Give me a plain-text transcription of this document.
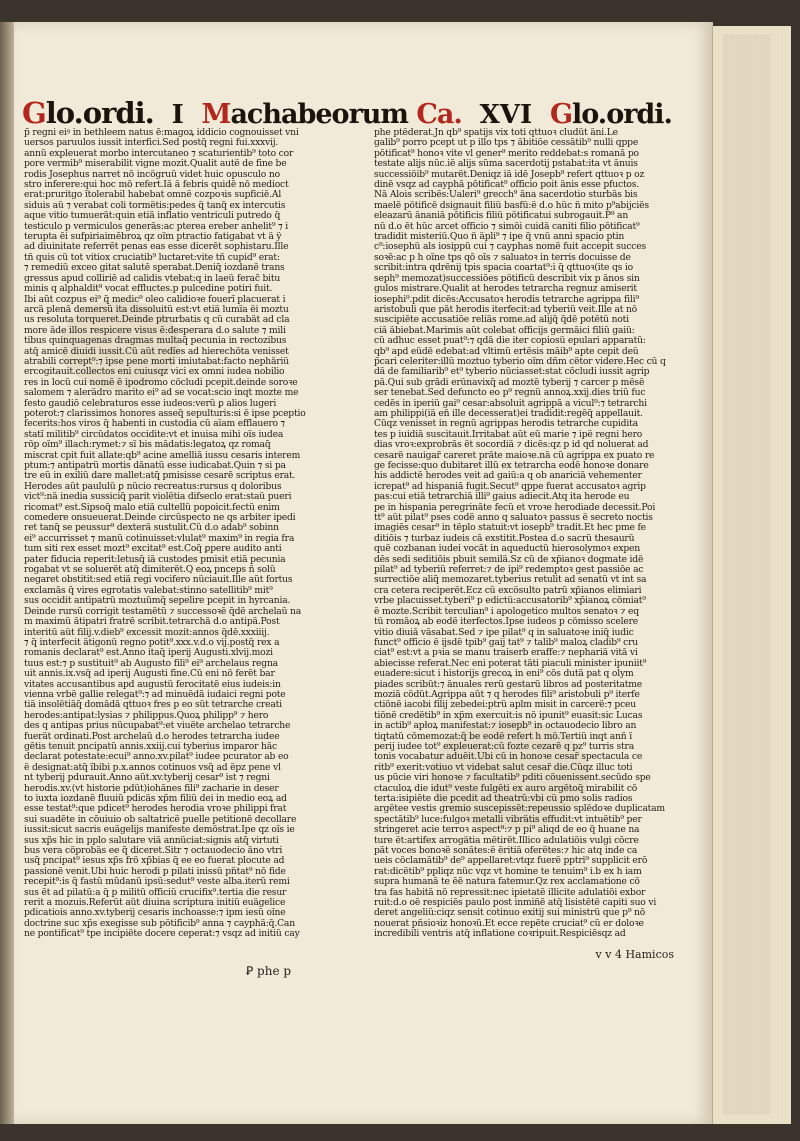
Glo.ordi. I Machabeorum Ca. XVI Glo.ordi.
p̃ regni eiꝰ in bethleem natus ẽ:magoꝝ iddicio cognouisset vni
uersos paruulos iussit interfici.Sed postq̃ regni fui.xxxvij.
annũ expleuerat morbo intercutaneo ⁊ scaturientib⁹ toto cor
pore vermib⁹ miserabilit̃ vigne mozit.Qualit autẽ de fine be
rodis Josephus narret nõ incõgruũ videt̃ huic opusculo no
stro inferere:qui hoc mõ refert.Iã ã febris quidẽ nõ medioct̃
erat:pruritgo ĩtolerabil habebat omnẽ cozpoꝛis supficiẽ.Al
siduis aũ ⁊ verabat coli tormẽtis:pedes q̃ tanq̃ ex intercutis
aque vitio tumuerãt:quin etiã inflatio ventriculi putredo q̃
testiculo p vermiculos generãs:ac pterea ereber anhelit⁹ ⁊ i
terupta ẽi sufpiriaimēbroꝝ qz oĩm ptractio fatigabat vt ã ỹ
ad diuinitate referrẽt penas eas esse dicerẽt sophistaru.Ille
tñ quis cũ tot vitiox cruciatib⁹ luctaret:vite tñ cupid⁹ erat:
⁊ remediũ exceo gitat̃ salutẽ sperabat.Deniq̃ iozdanẽ trans
gressus apud colliriẽ ad calidis vtebat:q in laeũ ferac̃ bitu
minis q alphaldit⁹ vocat̃ effluctes.p pulcedine potiri fuit.
Ibi aũt cozpus ei⁹ q̃ medic⁹ oleo calidioꝛe fouerĩ placuerat i
arcã plenã demersũ ita dissoluitũ est:vt etiã lumĩa ẽi moztu
us resoluta torqueret.Deinde ptrurbatis q cũ curabãt ad cla
more ãde illos respicere visus ẽ:desperara d.o salute ⁊ mili
tibus quinquagenas dragmas multaq̃ pecunia in rectozibus
atq̃ amicẽ diuidi iussit.Cũ aũt redĩes ad hierechõta venisset
atrabili corrept⁹:⁊ ipse pene morti imiutabat:facto nephãriũ
ercogitauit.collectos eni cuiusqz vici ex omni iudea nobilio
res in locũ cui nomẽ ẽ ipodromo cõcludi pcepit.deinde soroꝛe
salomem ⁊ alerãdro marito ei⁹ ad se vocat̃:scio inqt mozte me
festo gaudiõ celebraturos esse iudeos:verũ ꝑ alios lugeri
poterot:⁊ clarissimos honores asseq̃ sepulturis:si ẽ ipse pceptio
fecerits:hos viros q̃ habenti in custodia cũ aĩam efflauero ⁊
statĩ militib⁹ circũdatos occidite:vt et inuisa mihi oĩs iudea
rõp oĩm⁹ illach:rymet:⁊ sĩ bis mãdatis:legatoꝝ qz romaq̃
miscrat cpit fuit allate:qb⁹ acine amelliã iussu cesaris interem
ptum:⁊ antipatrũ mortis dãnatũ esse iudicabat.Quin ⁊ si pa
tre eũ in exiliũ dare mallet:atq̃ pmisisse cesarẽ scriptus erat.
Herodes aũt paululũ ꝑ nũcio recreatus:rursus q doloribus
vict⁹:nã inedia sussiciq̃ parit violẽtia difseclo erat:staũ pueri
ricomat⁹ est.Sipsoq̃ malo etiã cultellũ popoicit.fectũ enim
comedere onsueuerat.Deinde circũspecto ne qs arbiter ipedi
ret tanq̃ se peussur⁹ dexterã sustulit.Cũ d.o adab⁹ sobinn
ei⁹ accurrisset ⁊ manũ cotinuisset:vlulat⁹ maxim⁹ in regia fra
tum siti rex esset mozt⁹ excitat⁹ est.Coq̃ ꝑpere audito anti
pater fiducia reperit:letusq̃ iã custodes pmisit etiã pecunia
rogabat vt se soluerẽt atq̃ dimiterẽt.Q eoꝝ pnceps ñ solũ
negaret obstitit:sed etiã regi vocifero nũciauit.Ille aũt fortus
exclamãs q̃ vires egrotatis valebat:stinno satellitib⁹ mit⁹
sus occidit antipatrũ moztuũmq̃ sepelire pcepit in hyrcania.
Deinde rursũ corrigit testamẽtũ ⁊ successoꝛẽ q̃dẽ archelaũ na
m maximũ ãtipatri fratrẽ scribit.tetrarchã d.o antipã.Post
interitũ aũt filij.v.dieb⁹ excessit mozit:annos q̃dẽ.xxxiiij.
⁊ q̃ interfecit ãtigonũ regno potit⁹.xxx.v.d.o vij.postq̃ rex a
romanis declarat⁹ est.Anno itaq̃ iperij Augusti.xlvij.mozi
tuus est:⁊ p sustituit⁹ ab Augusto fili⁹ ei⁹ archelaus regna
uit annis.ix.vsq̃ ad iperij Augusti fine.Cũ eni nõ ferẽt bar
vitates accusantibus apd augustũ ferocitatẽ eius iudeis:in
vienna vrbẽ gallie relegat⁹:⁊ ad minuẽdã iudaici regni pote
tiã insolẽtiãq̃ domãdã qttuoꝛ fres p eo sũt tetrarche creati
herodes:antipat:lysias ⁊ philippus.Quoꝝ philipp⁹ ⁊ hero
des q antipas prius nũcupabat⁹:et viuẽte archelao tetrarche
fuerãt ordinati.Post archelaũ d.o herodes tetrarcha iudee
gẽtis tenuit pncipatũ annis.xxiij.cui tyberius imparor hãc
declarat potestate:ecui⁹ anno.xv.pilat⁹ iudee pcurator ab eo
ẽ designat̃:atq̃ ĩbibi p.x.annos cotinuos vsq̃ ad ẽpz pene vl
nt tyberij pdurauit.Anno aũt.xv.tyberij cesar⁹ ist̃ ⁊ regni
herodis.xv.(vt historie pdũt)iohãnes fili⁹ zacharie in deser
to iuxta iozdanẽ fluuiũ pdicãs xp̃m filiũ dei in medio eoꝝ ad
esse testat⁹:que pdicet⁹ herodes herodia vroꝛe philippi frat̃
sui suadẽte in cõuiuio ob saltatricẽ puelle petitionẽ decollare
iussit:sicut sacris euãgelijs manifeste demõstrat.Ipe qz oĩs ie
sus xp̃s hic in pplo salutare viã annũciat:signis atq̃ virtuti
bus vera cõprobãs ee q̃ diceret.Sitr ⁊ octauodecio ãno vtri
usq̃ pncipat⁹ iesus xp̃s frõ xp̃bias q̃ ee eo fuerat plocute ad
passionẽ venit.Ubi huic herodi p pilati inissũ pñtat⁹ nõ fide
recepit⁹:is q̃ fastũ mũdanũ ipsũ:sedut⁹ veste alba.iterũ remi
sus ẽt ad pilatũ:a q̃ p militũ officiũ crucifix⁹.tertia die resur
rerit a mozuis.Referũt aũt diuina scriptura initiũ euãgelice
pdicatiois anno.xv.tyberij cesaris inchoasse:⁊ ipm iesũ oĩne
doctrine suc xp̃s exegisse sub põtificib⁹ anna ⁊ cayphã:q̃.Can
ne pontificat⁹ tpe incipiẽte docere ceperat:⁊ vsqz ad initiũ cay
phe ptẽderat.Jn qb⁹ spatijs vix toti qttuoꝛ cludũt ãni.Le
galib⁹ porro pcept̃ ut p illo tps ⁊ ãbitiõe cessãtib⁹ nulli qppe
põtificat⁹ honoꝛ vite vl gener⁹ merito reddebat:s romanã po
testate alijs nũc.iẽ alijs sũma sacerdotij pstabat:ita vt ãnuis
successiõib⁹ mutarẽt.Deniqz iã idẽ Josepb⁹ refert qttuoꝛ p oz
dinẽ vsqz ad cayphã põtificat⁹ officio poit ãnis esse pfuctos.
Nã Alois scribẽs:Ualeri⁹ grecch⁹ ãna sacerdotio sturbãs bis
maelẽ põtificẽ dsignauit filiũ basfũ:ẽ d.o hũc ñ mito p⁹abijciẽs
eleazarũ ãnaniã põtificis filiũ põtificatui subrogauit.P⁹ an
nũ d.o ẽt hũc arcet officio ⁊ simõi cuidã caniti filio põtificat⁹
tradidit misteriũ.Quo ñ ãpli⁹ ⁊ ipe q̃ vnũ anni spacio ptin
c⁹:iosephũ als iosippũ cui ⁊ cayphas nomẽ fuit accepit succes
soꝛẽ:ac p ĥ oĩne tps qõ oĩs ⁊ saluatoꝛ in terris docuisse de
scribit:intra qdrẽnij tpis spacia coartat⁹:i q̃ qttuoꝛ(ite qs io
seph⁹ memozat)successiões põtificũ describit vix p ãnos sin
gulos mistrare.Qualit at herodes tetrarcha regnuz amiserit
iosephi⁹.pdit dicẽs:Accusatoꝛ herodis tetrarche agrippa fili⁹
aristobuli que pãt herodis iterfecit:ad tyberiũ veit.Ille at nõ
suscipiẽte accusatiõe reliãs rome.ad alijq̃ q̃dẽ potẽtũ noti
ciã ãbiebat.Marimis aũt colebat officijs germãici filiũ gaiũ:
cũ adhuc esset puat⁹:⁊ qdã die iter copiosũ epulari apparatũ:
qb⁹ apd eũdẽ edebat:ad vltimũ ertẽsis mãib⁹ apte cepit deũ
p̃cari celeriter:illũ moztuo tyberio oĩm dñm cẽtor videre.Hec cũ q
dã de familiarib⁹ et⁹ tyberio nũciasset:stat̃ cõcludi iussit agrip
pã.Qui sub grãdi erũnavixq̃ ad moztẽ tyberij ⁊ carcer p mẽsẽ
ser tenebat.Sed defuncto eo p⁹ regnũ annoꝝ.xxij.dies triũ fuc
cedẽs in iperiũ gai⁹ cesar:absoluit agrippã a vicul⁹:⁊ tetrarchi
am philippi(iã eñ ille decesserat)ei tradidit:regẽq̃ appellauit.
Cũqz venisset in regnũ agrippas herodis tetrarche cupidita
tes p iuidiã suscitauit.Irritabat aũt eũ marie ⁊ ipẽ regni hero
dias vroꝛ:exprobrãs ẽt socordiã ⁊ dicẽs:qz p id qd noluerat ad
cesarẽ nauigar̃ careret prãte maioꝛe.nã cũ agrippa ex puato re
ge fecisse:quo dubitaret illũ ex tetrarcha eodẽ honoꝛe donare
his addictẽ herodes veit ad gaiũ:a q ob anariciã vehementer
icrepat⁹ ad hispaniã fugit.Secut⁹ qppe fuerat accusatoꝛ agrip
pas:cui etiã tetrarchiã illi⁹ gaius adiecit.Atq ita herode eu
pe in hispania peregrinãte fecũ et vroꝛe herodiade decessit.Poi
tt⁹ aũt pilat⁹ pses codẽ anno q saluatoꝛ passus ẽ secreto noctis
imagiẽs cesar⁹ in tẽplo statuit:vt iosepb⁹ tradit.Et hec pme fe
ditiõis ⁊ turbaz iudeis cã exstitit.Postea d.o sacrũ thesaurũ
quẽ cozbanan iudei vocãt in aqueductũ hierosolymoꝛ expen
dẽs sedi seditiõis pbuit semilã.Sz cũ de xp̃ianoꝛ dogmate idẽ
pilat⁹ ad tyberiũ referret:⁊ de ipi⁹ redemptoꝛ gest̃ passiõe ac
surrectiõe aliq̃ memozaret.tyberius retulit ad senatũ vt int sa
cra cetera reciperẽt.Ecz cũ excõsulto patrũ xp̃ianos elimiari
vrbe placuisset.tyberi⁹ p edictũ:accusatorib⁹ xp̃ianoꝝ cõmiat⁹
ẽ mozte.Scribit terculian⁹ i apologetico multos senatoꝛ ⁊ eq
tũ romãoꝝ ab eodẽ iterfectos.Ipse iudeos p cõmisso scelere
vitio diuiã vãsabat.Sed ⁊ ipe pilat⁹ q in saluatoꝛe iniq̃ iudic
funct⁹ officio ẽ ijsdẽ tpib⁹ gaij tat⁹ ⁊ talib⁹ maloꝝ cladib⁹ cru
ciat⁹ est:vt a pꝛia se manu traiserb eraffe:⁊ nephariã vitã vi
abiecisse referat.Nec eni poterat tãti piaculi minister ipuniit⁹
euadere:sicut i historijs grecoꝝ in eni⁹ cõs dutã pat q olym
piades scribũt:⁊ ãnuales rerũ gestarũ libros ad posteritat̃me
moziã cõdũt.Agrippa aũt ⁊ q herodes fili⁹ aristobuli p⁹ iterfe
ctiõnẽ iacobi filij zebedei:ptrũ aplm misit in carcerẽ:⁊ pceu
tiõnẽ credẽtib⁹ in xp̃m exercuit:is nõ ipunit⁹ euasit:sic Lucas
in actib⁹ apłoꝝ manifestat:⁊ iosepb⁹ in octauodecio libro an
tiqtatũ cõmemozat:q̃ be eodẽ refert ĥ mõ.Tertiũ inqt anñ ĩ
perij iudee tot⁹ expleuerat:cũ fozte cezarẽ q pz⁹ turris stra
tonis vocabatur aduẽit.Ubi cũ in honoꝛe cesar̃ spectacula ce
ritb⁹ exerit:votiuo vt videbat salut̃ cesar̃ die.Cũqz illuc toti
us pũcie viri honoꝛe ⁊ facultatib⁹ pditi cõuenissent.secũdo spe
ctaculoꝝ die idut⁹ veste fulgẽti ex auro argẽtoq̃ mirabilit cõ
terta:isipiẽte die pcedit ad theatrũ:vbi cũ pmo solis radios
argẽtee vestis gremio suscepissẽt:repeussio splẽdoꝛe duplicatam
spectãtib⁹ luce:fulgoꝛ metalli vibrãtis effudit:vt intuẽtib⁹ per
stringeret acie terroꝛ aspect⁹:⁊ p pi⁹ aliqd de eo q̃ huane na
ture ẽt:artifex arrogãtia mẽtirẽt.Illico adulatiõis vulgi cõcre
pãt voces bonoꝛẽ sonãtes:ẽ ẽritiã oferẽtes:⁊ hic atq inde ca
ueis cõclamãtib⁹ de⁹ appellaret:vtqz fuerẽ pptri⁹ supplicit erõ
rat̃:dicẽtib⁹ ppliqz nũc vqz vt homine te tenuim⁹ i.b ex ĥ iam
supra humanã te ẽẽ natura fatemur.Qz rex acclamatione cõ
tra fas habitã nõ repressit:nec ipietatẽ illicite adulatiõi exbor
ruit:d.o oẽ respiciẽs paulo post inmiñẽ atq̃ lisistẽtẽ capiti suo vi
deret angeliũ:ciqz sensit cotinuo exitij sui ministrũ que p⁹ nõ
nouerat pñsioꝛiz honoꝛũ.Et ecce repẽte cruciat⁹ cũ er doloꝛe
incredibili ventris atq̃ inflatione coꝛripuit.Respiciẽsqz ad
Ꝑ phe p
v v 4 Hamicos
